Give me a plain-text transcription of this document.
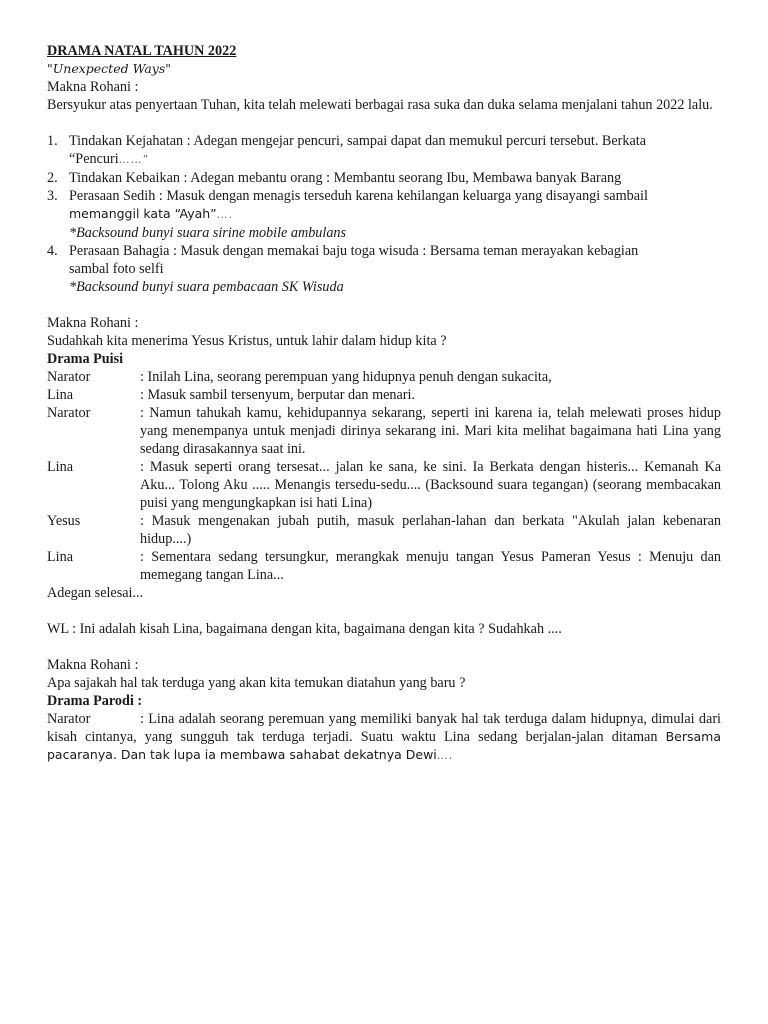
DRAMA NATAL TAHUN 2022

"Unexpected Ways"

Makna Rohani :

Bersyukur atas penyertaan Tuhan, kita telah melewati berbagai rasa suka dan duka selama menjalani tahun 2022 lalu.

1. Tindakan Kejahatan : Adegan mengejar pencuri, sampai dapat dan memukul percuri tersebut. Berkata
“Pencuri……”
2. Tindakan Kebaikan : Adegan mebantu orang : Membantu seorang Ibu, Membawa banyak Barang
3. Perasaan Sedih : Masuk dengan menagis terseduh karena kehilangan keluarga yang disayangi sambail
memanggil kata “Ayah”….
*Backsound bunyi suara sirine mobile ambulans
4. Perasaan Bahagia : Masuk dengan memakai baju toga wisuda : Bersama teman merayakan kebagian
sambal foto selfi
*Backsound bunyi suara pembacaan SK Wisuda

Makna Rohani :

Sudahkah kita menerima Yesus Kristus, untuk lahir dalam hidup kita ?

Drama Puisi

Narator	: Inilah Lina, seorang perempuan yang hidupnya penuh dengan sukacita,
Lina	: Masuk sambil tersenyum, berputar dan menari.
Narator	: Namun tahukah kamu, kehidupannya sekarang, seperti ini karena ia, telah melewati proses hidup yang menempanya untuk menjadi dirinya sekarang ini. Mari kita melihat bagaimana hati Lina yang sedang dirasakannya saat ini.
Lina	: Masuk seperti orang tersesat... jalan ke sana, ke sini. Ia Berkata dengan histeris... Kemanah Ka Aku... Tolong Aku ..... Menangis tersedu-sedu.... (Backsound suara tegangan) (seorang membacakan puisi yang mengungkapkan isi hati Lina)
Yesus	: Masuk mengenakan jubah putih, masuk perlahan-lahan dan berkata "Akulah jalan kebenaran hidup....)
Lina	: Sementara sedang tersungkur, merangkak menuju tangan Yesus Pameran Yesus : Menuju dan memegang tangan Lina...

Adegan selesai...

WL : Ini adalah kisah Lina, bagaimana dengan kita, bagaimana dengan kita ? Sudahkah ....

Makna Rohani :

Apa sajakah hal tak terduga yang akan kita temukan diatahun yang baru ?

Drama Parodi :

Narator	: Lina adalah seorang peremuan yang memiliki banyak hal tak terduga dalam hidupnya, dimulai dari kisah cintanya, yang sungguh tak terduga terjadi. Suatu waktu Lina sedang berjalan-jalan ditaman Bersama pacaranya. Dan tak lupa ia membawa sahabat dekatnya Dewi….
